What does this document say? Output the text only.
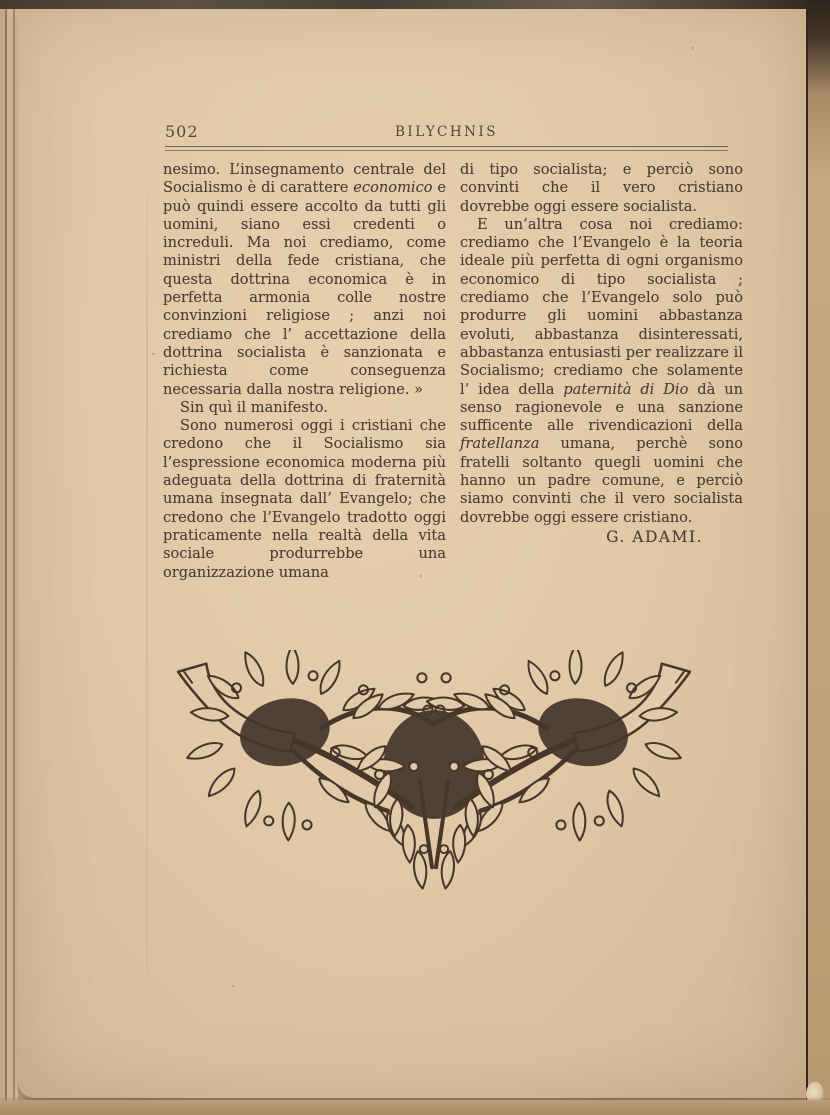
502	BILYCHNIS

nesimo. L’insegnamento centrale del Socialismo è di carattere economico e può quindi essere accolto da tutti gli uomini, siano essi credenti o increduli. Ma noi crediamo, come ministri della fede cristiana, che questa dottrina economica è in perfetta armonia colle nostre convinzioni religiose ; anzi noi crediamo che l’ accettazione della dottrina socialista è sanzionata e richiesta come conseguenza necessaria dalla nostra religione. »

Sin quì il manifesto.

Sono numerosi oggi i cristiani che credono che il Socialismo sia l’espressione economica moderna più adeguata della dottrina di fraternità umana insegnata dall’ Evangelo; che credono che l’Evangelo tradotto oggi praticamente nella realtà della vita sociale produrrebbe una organizzazione umana

di tipo socialista; e perciò sono convinti che il vero cristiano dovrebbe oggi essere socialista.

E un’altra cosa noi crediamo: crediamo che l’Evangelo è la teoria ideale più perfetta di ogni organismo economico di tipo socialista ; crediamo che l’Evangelo solo può produrre gli uomini abbastanza evoluti, abbastanza disinteressati, abbastanza entusiasti per realizzare il Socialismo; crediamo che solamente l’ idea della paternità di Dio dà un senso ragionevole e una sanzione sufficente alle rivendicazioni della fratellanza umana, perchè sono fratelli soltanto quegli uomini che hanno un padre comune, e perciò siamo convinti che il vero socialista dovrebbe oggi essere cristiano.

G. ADAMI.
